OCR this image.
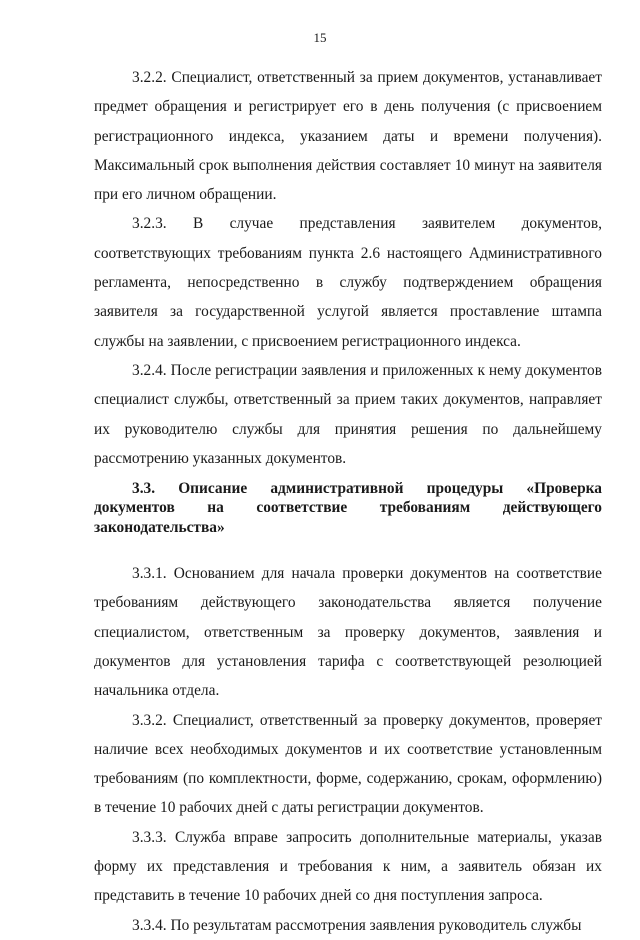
15

3.2.2. Специалист, ответственный за прием документов, устанавливает предмет обращения и регистрирует его в день получения (с присвоением регистрационного индекса, указанием даты и времени получения). Максимальный срок выполнения действия составляет 10 минут на заявителя при его личном обращении.

3.2.3. В случае представления заявителем документов, соответствующих требованиям пункта 2.6 настоящего Административного регламента, непосредственно в службу подтверждением обращения заявителя за государственной услугой является проставление штампа службы на заявлении, с присвоением регистрационного индекса.

3.2.4. После регистрации заявления и приложенных к нему документов специалист службы, ответственный за прием таких документов, направляет их руководителю службы для принятия решения по дальнейшему рассмотрению указанных документов.

3.3. Описание административной процедуры «Проверка документов на соответствие требованиям действующего законодательства»

3.3.1. Основанием для начала проверки документов на соответствие требованиям действующего законодательства является получение специалистом, ответственным за проверку документов, заявления и документов для установления тарифа с соответствующей резолюцией начальника отдела.

3.3.2. Специалист, ответственный за проверку документов, проверяет наличие всех необходимых документов и их соответствие установленным требованиям (по комплектности, форме, содержанию, срокам, оформлению) в течение 10 рабочих дней с даты регистрации документов.

3.3.3. Служба вправе запросить дополнительные материалы, указав форму их представления и требования к ним, а заявитель обязан их представить в течение 10 рабочих дней со дня поступления запроса.

3.3.4. По результатам рассмотрения заявления руководитель службы
